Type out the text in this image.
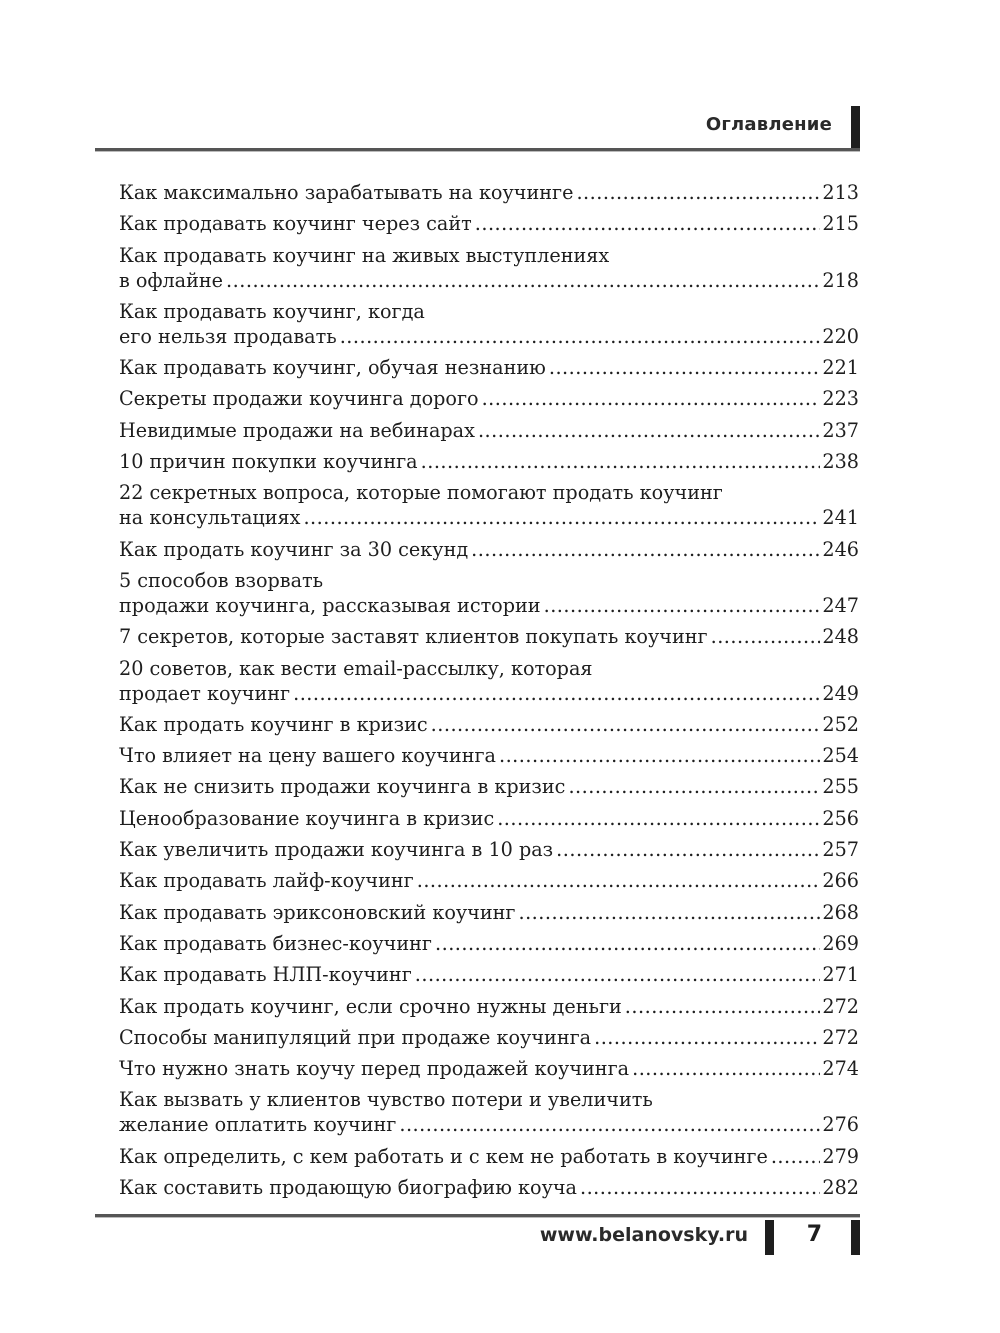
Оглавление
Как максимально зарабатывать на коучинге .....	213
Как продавать коучинг через сайт .....	215
Как продавать коучинг на живых выступлениях
в офлайне .....	218
Как продавать коучинг, когда
его нельзя продавать .....	220
Как продавать коучинг, обучая незнанию .....	221
Секреты продажи коучинга дорого .....	223
Невидимые продажи на вебинарах .....	237
10 причин покупки коучинга .....	238
22 секретных вопроса, которые помогают продать коучинг
на консультациях .....	241
Как продать коучинг за 30 секунд .....	246
5 способов взорвать
продажи коучинга, рассказывая истории .....	247
7 секретов, которые заставят клиентов покупать коучинг .....	248
20 советов, как вести email-рассылку, которая
продает коучинг .....	249
Как продать коучинг в кризис .....	252
Что влияет на цену вашего коучинга .....	254
Как не снизить продажи коучинга в кризис .....	255
Ценообразование коучинга в кризис .....	256
Как увеличить продажи коучинга в 10 раз .....	257
Как продавать лайф-коучинг .....	266
Как продавать эриксоновский коучинг .....	268
Как продавать бизнес-коучинг .....	269
Как продавать НЛП-коучинг .....	271
Как продать коучинг, если срочно нужны деньги .....	272
Способы манипуляций при продаже коучинга .....	272
Что нужно знать коучу перед продажей коучинга .....	274
Как вызвать у клиентов чувство потери и увеличить
желание оплатить коучинг .....	276
Как определить, с кем работать и с кем не работать в коучинге .....	279
Как составить продающую биографию коуча .....	282
www.belanovsky.ru	7
